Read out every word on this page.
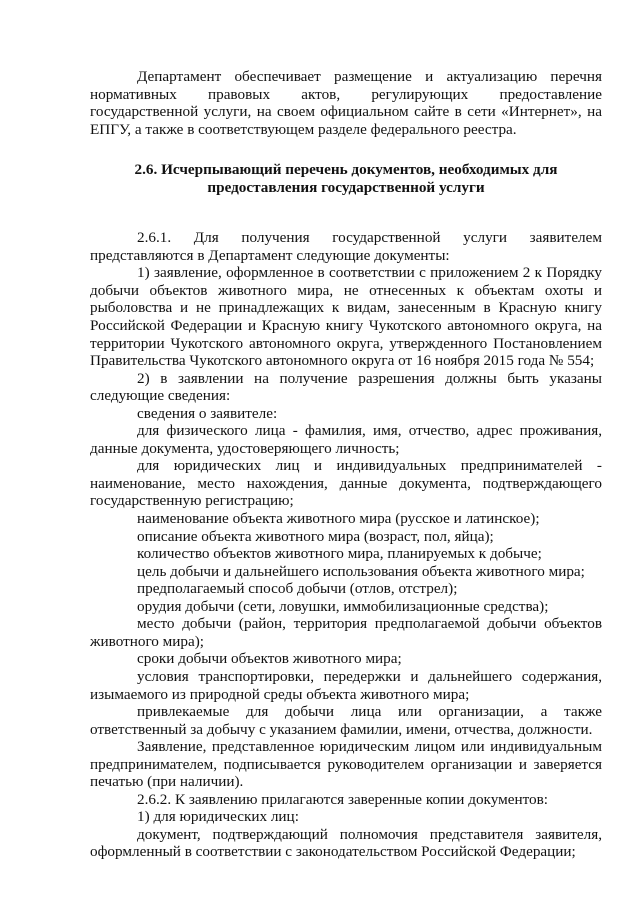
Департамент обеспечивает размещение и актуализацию перечня нормативных правовых актов, регулирующих предоставление государственной услуги, на своем официальном сайте в сети «Интернет», на ЕПГУ, а также в соответствующем разделе федерального реестра.

2.6. Исчерпывающий перечень документов, необходимых для
предоставления государственной услуги

2.6.1. Для получения государственной услуги заявителем

представляются в Департамент следующие документы:

1) заявление, оформленное в соответствии с приложением 2 к Порядку добычи объектов животного мира, не отнесенных к объектам охоты и рыболовства и не принадлежащих к видам, занесенным в Красную книгу Российской Федерации и Красную книгу Чукотского автономного округа, на территории Чукотского автономного округа, утвержденного Постановлением Правительства Чукотского автономного округа от 16 ноября 2015 года № 554;

2) в заявлении на получение разрешения должны быть указаны следующие сведения:

сведения о заявителе:

для физического лица - фамилия, имя, отчество, адрес проживания, данные документа, удостоверяющего личность;

для юридических лиц и индивидуальных предпринимателей - наименование, место нахождения, данные документа, подтверждающего государственную регистрацию;

наименование объекта животного мира (русское и латинское);

описание объекта животного мира (возраст, пол, яйца);

количество объектов животного мира, планируемых к добыче;

цель добычи и дальнейшего использования объекта животного мира;

предполагаемый способ добычи (отлов, отстрел);

орудия добычи (сети, ловушки, иммобилизационные средства);

место добычи (район, территория предполагаемой добычи объектов животного мира);

сроки добычи объектов животного мира;

условия транспортировки, передержки и дальнейшего содержания, изымаемого из природной среды объекта животного мира;

привлекаемые для добычи лица или организации, а также ответственный за добычу с указанием фамилии, имени, отчества, должности.

Заявление, представленное юридическим лицом или индивидуальным предпринимателем, подписывается руководителем организации и заверяется печатью (при наличии).

2.6.2. К заявлению прилагаются заверенные копии документов:

1) для юридических лиц:

документ, подтверждающий полномочия представителя заявителя, оформленный в соответствии с законодательством Российской Федерации;
